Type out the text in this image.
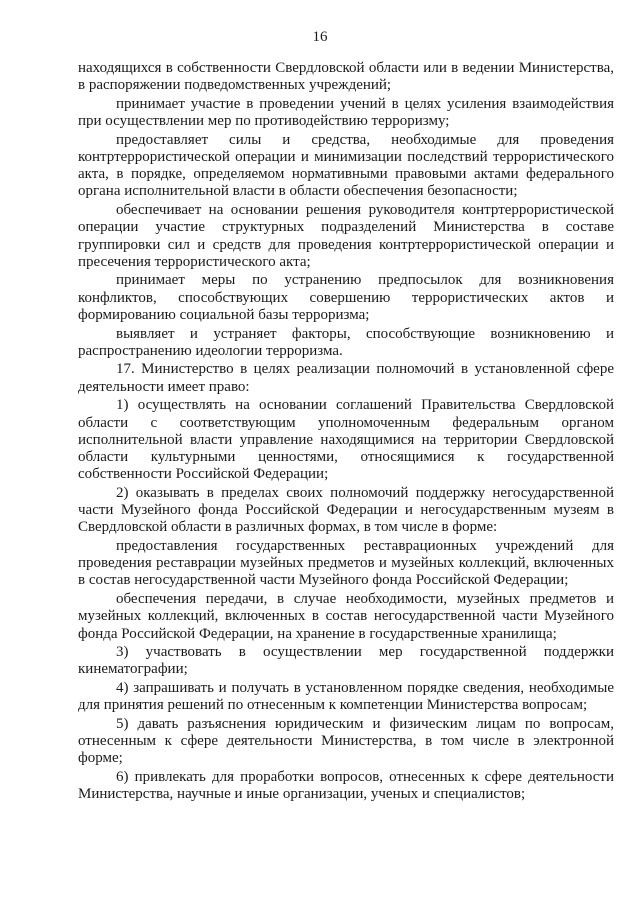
16

находящихся в собственности Свердловской области или в ведении Министерства, в распоряжении подведомственных учреждений;

принимает участие в проведении учений в целях усиления взаимодействия при осуществлении мер по противодействию терроризму;

предоставляет силы и средства, необходимые для проведения контртеррористической операции и минимизации последствий террористического акта, в порядке, определяемом нормативными правовыми актами федерального органа исполнительной власти в области обеспечения безопасности;

обеспечивает на основании решения руководителя контртеррористической операции участие структурных подразделений Министерства в составе группировки сил и средств для проведения контртеррористической операции и пресечения террористического акта;

принимает меры по устранению предпосылок для возникновения конфликтов, способствующих совершению террористических актов и формированию социальной базы терроризма;

выявляет и устраняет факторы, способствующие возникновению и распространению идеологии терроризма.

17. Министерство в целях реализации полномочий в установленной сфере деятельности имеет право:

1) осуществлять на основании соглашений Правительства Свердловской области с соответствующим уполномоченным федеральным органом исполнительной власти управление находящимися на территории Свердловской области культурными ценностями, относящимися к государственной собственности Российской Федерации;

2) оказывать в пределах своих полномочий поддержку негосударственной части Музейного фонда Российской Федерации и негосударственным музеям в Свердловской области в различных формах, в том числе в форме:

предоставления государственных реставрационных учреждений для проведения реставрации музейных предметов и музейных коллекций, включенных в состав негосударственной части Музейного фонда Российской Федерации;

обеспечения передачи, в случае необходимости, музейных предметов и музейных коллекций, включенных в состав негосударственной части Музейного фонда Российской Федерации, на хранение в государственные хранилища;

3) участвовать в осуществлении мер государственной поддержки кинематографии;

4) запрашивать и получать в установленном порядке сведения, необходимые для принятия решений по отнесенным к компетенции Министерства вопросам;

5) давать разъяснения юридическим и физическим лицам по вопросам, отнесенным к сфере деятельности Министерства, в том числе в электронной форме;

6) привлекать для проработки вопросов, отнесенных к сфере деятельности Министерства, научные и иные организации, ученых и специалистов;
